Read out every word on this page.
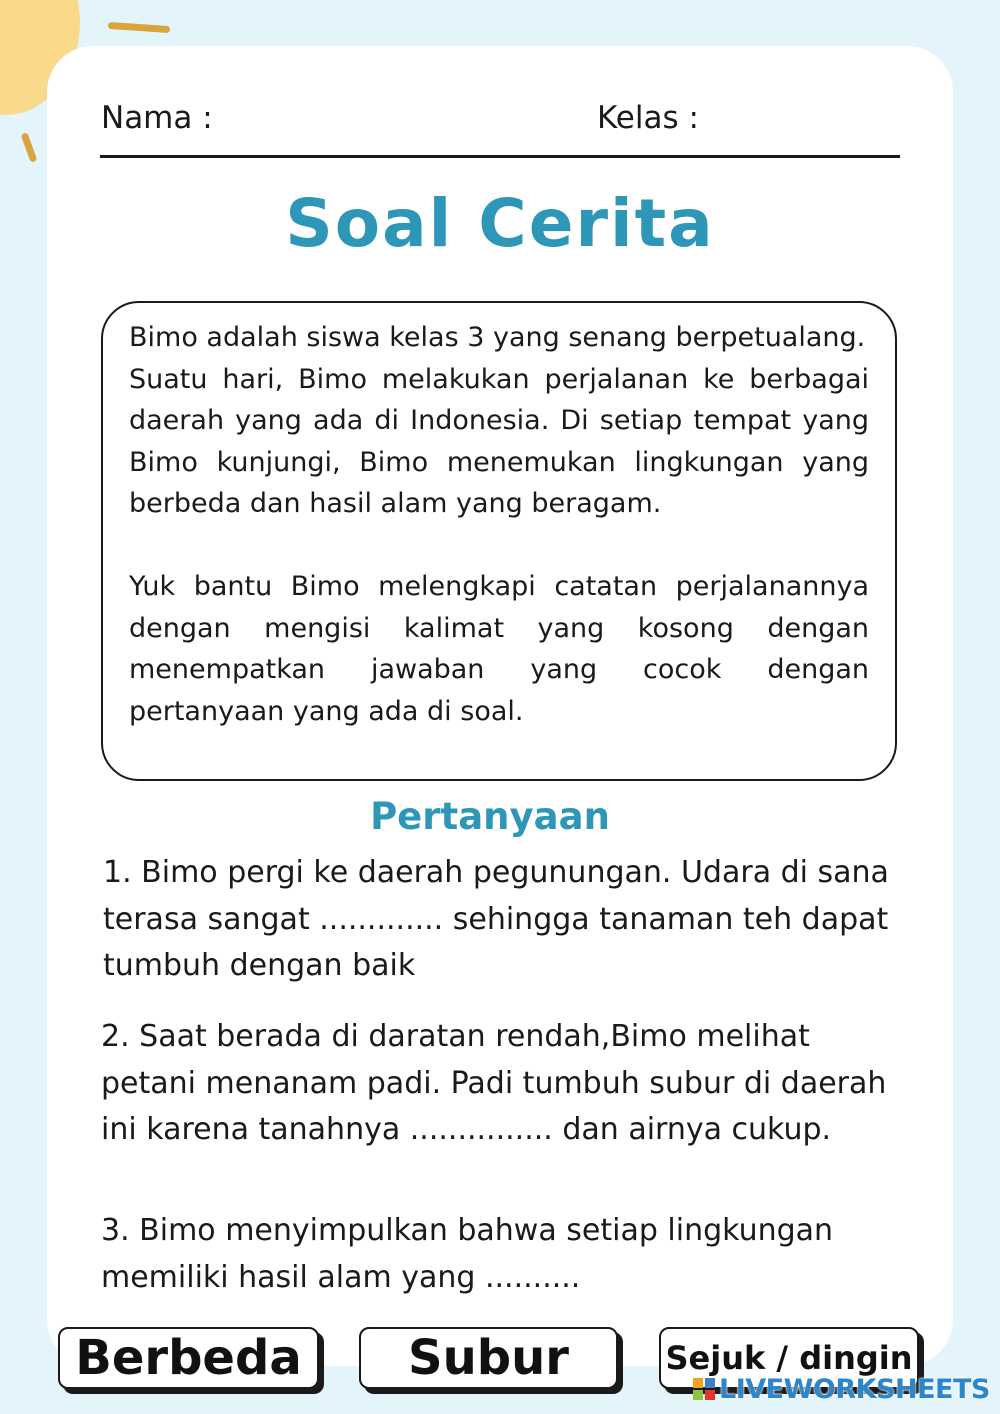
Nama :	Kelas :
Soal Cerita

Bimo adalah siswa kelas 3 yang senang berpetualang.

Suatu hari, Bimo melakukan perjalanan ke berbagai daerah yang ada di Indonesia. Di setiap tempat yang Bimo kunjungi, Bimo menemukan lingkungan yang berbeda dan hasil alam yang beragam.

Yuk bantu Bimo melengkapi catatan perjalanannya dengan mengisi kalimat yang kosong dengan menempatkan jawaban yang cocok dengan pertanyaan yang ada di soal.

Pertanyaan

1. Bimo pergi ke daerah pegunungan. Udara di sana terasa sangat ............. sehingga tanaman teh dapat tumbuh dengan baik

2. Saat berada di daratan rendah,Bimo melihat petani menanam padi. Padi tumbuh subur di daerah ini karena tanahnya ............... dan airnya cukup.

3. Bimo menyimpulkan bahwa setiap lingkungan memiliki hasil alam yang ..........

Berbeda	Subur	Sejuk / dingin
LIVEWORKSHEETS
